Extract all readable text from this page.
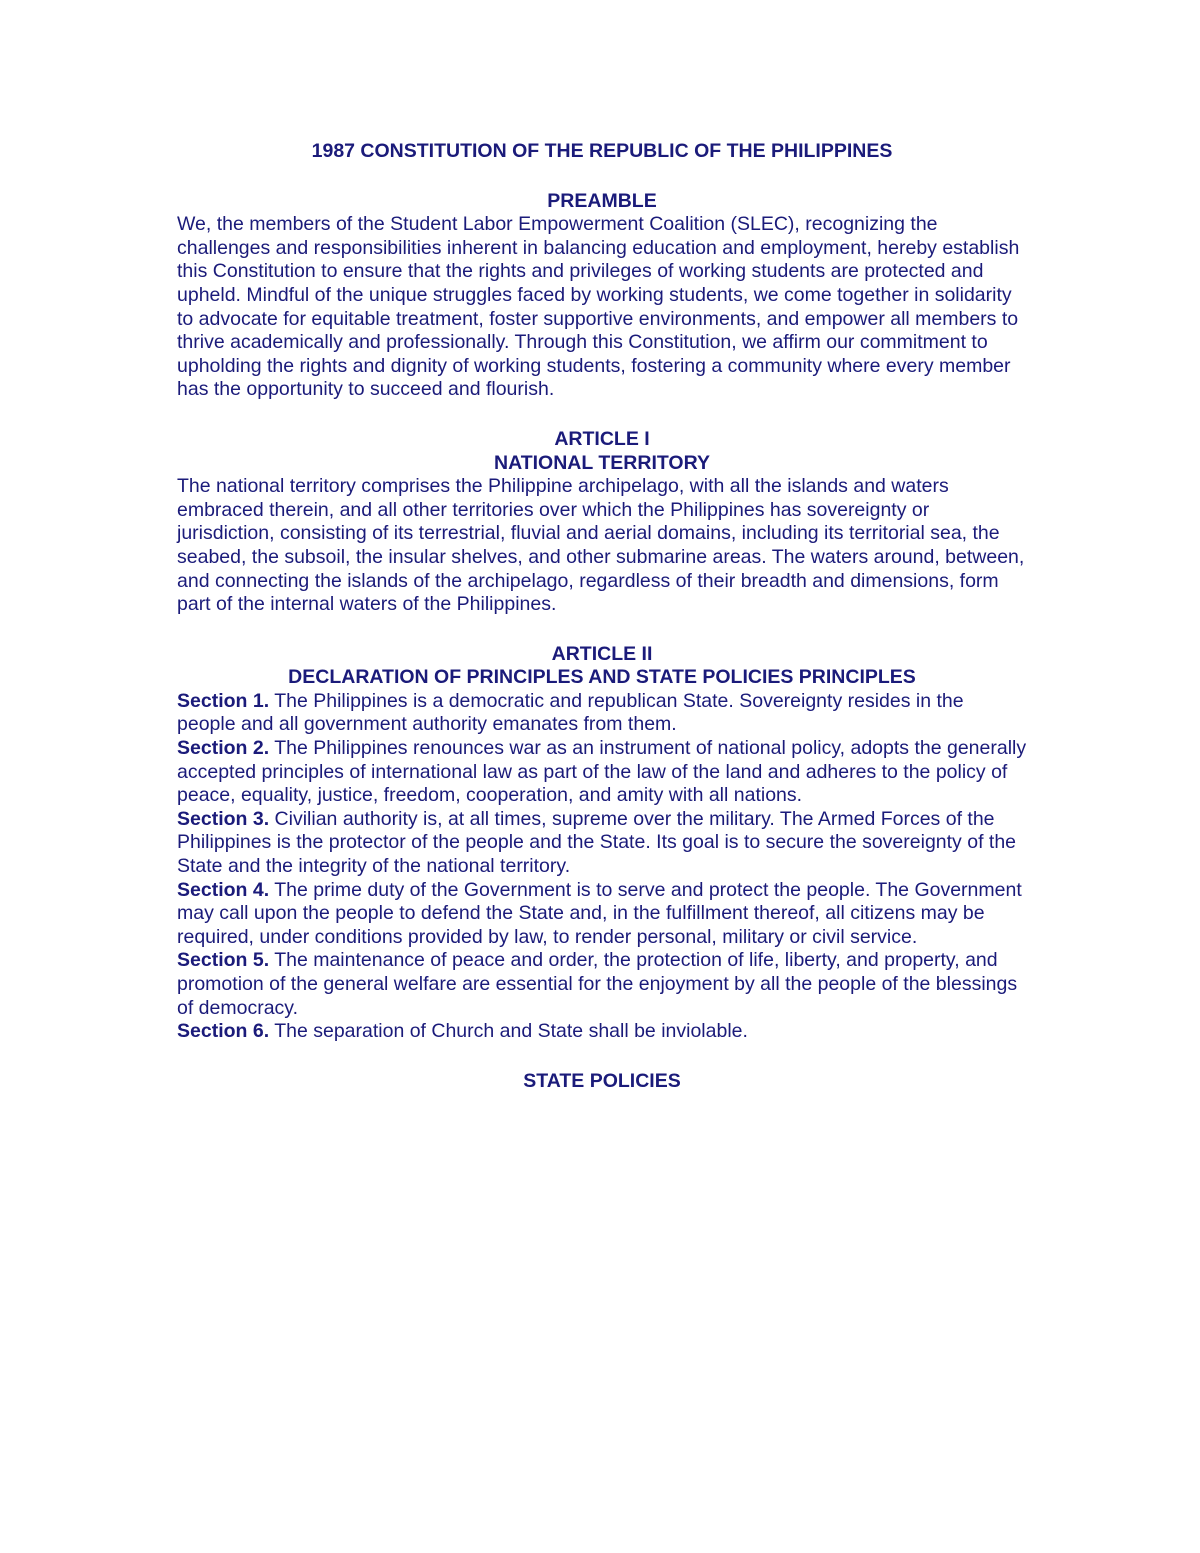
1987 CONSTITUTION OF THE REPUBLIC OF THE PHILIPPINES

PREAMBLE

We, the members of the Student Labor Empowerment Coalition (SLEC), recognizing the challenges and responsibilities inherent in balancing education and employment, hereby establish this Constitution to ensure that the rights and privileges of working students are protected and upheld. Mindful of the unique struggles faced by working students, we come together in solidarity to advocate for equitable treatment, foster supportive environments, and empower all members to thrive academically and professionally. Through this Constitution, we affirm our commitment to upholding the rights and dignity of working students, fostering a community where every member has the opportunity to succeed and flourish.

ARTICLE I

NATIONAL TERRITORY

The national territory comprises the Philippine archipelago, with all the islands and waters embraced therein, and all other territories over which the Philippines has sovereignty or jurisdiction, consisting of its terrestrial, fluvial and aerial domains, including its territorial sea, the seabed, the subsoil, the insular shelves, and other submarine areas. The waters around, between, and connecting the islands of the archipelago, regardless of their breadth and dimensions, form part of the internal waters of the Philippines.

ARTICLE II

DECLARATION OF PRINCIPLES AND STATE POLICIES PRINCIPLES

Section 1. The Philippines is a democratic and republican State. Sovereignty resides in the people and all government authority emanates from them.

Section 2. The Philippines renounces war as an instrument of national policy, adopts the generally accepted principles of international law as part of the law of the land and adheres to the policy of peace, equality, justice, freedom, cooperation, and amity with all nations.

Section 3. Civilian authority is, at all times, supreme over the military. The Armed Forces of the Philippines is the protector of the people and the State. Its goal is to secure the sovereignty of the State and the integrity of the national territory.

Section 4. The prime duty of the Government is to serve and protect the people. The Government may call upon the people to defend the State and, in the fulfillment thereof, all citizens may be required, under conditions provided by law, to render personal, military or civil service.

Section 5. The maintenance of peace and order, the protection of life, liberty, and property, and promotion of the general welfare are essential for the enjoyment by all the people of the blessings of democracy.

Section 6. The separation of Church and State shall be inviolable.

STATE POLICIES
